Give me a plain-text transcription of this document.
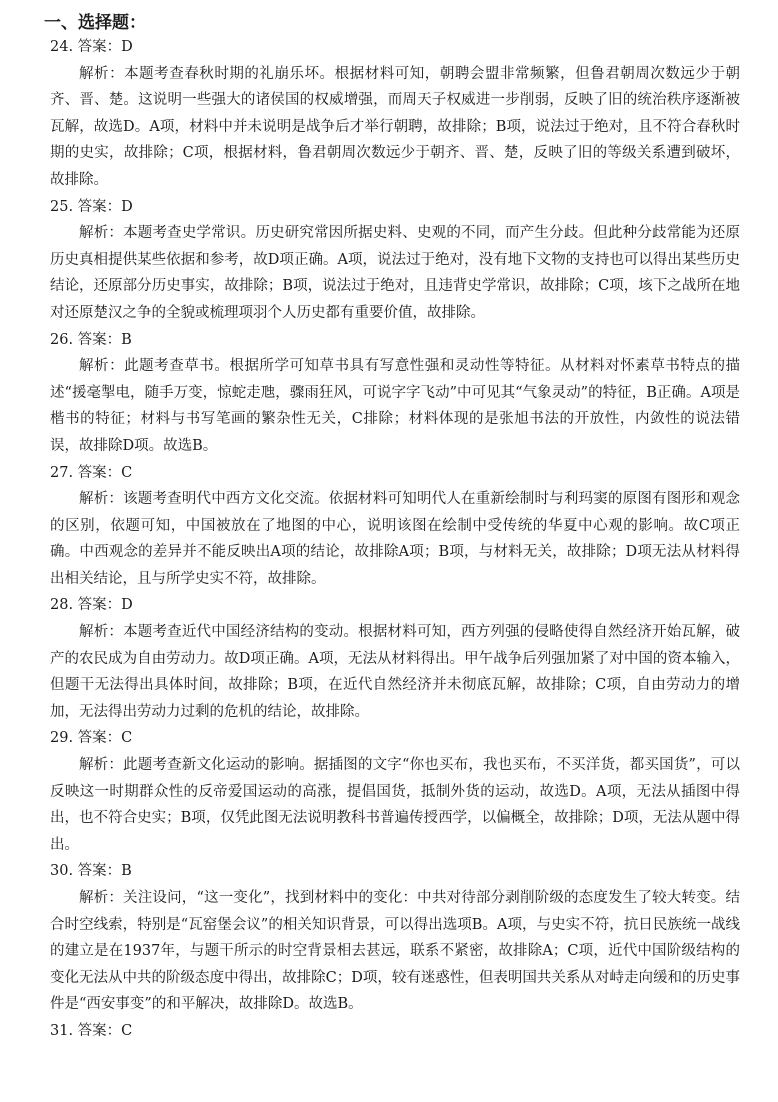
一、选择题：
24. 答案：D

解析：本题考查春秋时期的礼崩乐坏。根据材料可知，朝聘会盟非常频繁，但鲁君朝周次数远少于朝齐、晋、楚。这说明一些强大的诸侯国的权威增强，而周天子权威进一步削弱，反映了旧的统治秩序逐渐被瓦解，故选D。A项，材料中并未说明是战争后才举行朝聘，故排除；B项，说法过于绝对，且不符合春秋时期的史实，故排除；C项，根据材料，鲁君朝周次数远少于朝齐、晋、楚，反映了旧的等级关系遭到破坏，故排除。

25. 答案：D

解析：本题考查史学常识。历史研究常因所据史料、史观的不同，而产生分歧。但此种分歧常能为还原历史真相提供某些依据和参考，故D项正确。A项，说法过于绝对，没有地下文物的支持也可以得出某些历史结论，还原部分历史事实，故排除；B项，说法过于绝对，且违背史学常识，故排除；C项，垓下之战所在地对还原楚汉之争的全貌或梳理项羽个人历史都有重要价值，故排除。

26. 答案：B

解析：此题考查草书。根据所学可知草书具有写意性强和灵动性等特征。从材料对怀素草书特点的描述“援毫掣电，随手万变，惊蛇走虺，骤雨狂风，可说字字飞动”中可见其“气象灵动”的特征，B正确。A项是楷书的特征；材料与书写笔画的繁杂性无关，C排除；材料体现的是张旭书法的开放性，内敛性的说法错误，故排除D项。故选B。

27. 答案：C

解析：该题考查明代中西方文化交流。依据材料可知明代人在重新绘制时与利玛窦的原图有图形和观念的区别，依题可知，中国被放在了地图的中心，说明该图在绘制中受传统的华夏中心观的影响。故C项正确。中西观念的差异并不能反映出A项的结论，故排除A项；B项，与材料无关，故排除；D项无法从材料得出相关结论，且与所学史实不符，故排除。

28. 答案：D

解析：本题考查近代中国经济结构的变动。根据材料可知，西方列强的侵略使得自然经济开始瓦解，破产的农民成为自由劳动力。故D项正确。A项，无法从材料得出。甲午战争后列强加紧了对中国的资本输入，但题干无法得出具体时间，故排除；B项，在近代自然经济并未彻底瓦解，故排除；C项，自由劳动力的增加，无法得出劳动力过剩的危机的结论，故排除。

29. 答案：C

解析：此题考查新文化运动的影响。据插图的文字“你也买布，我也买布，不买洋货，都买国货”，可以反映这一时期群众性的反帝爱国运动的高涨，提倡国货，抵制外货的运动，故选D。A项，无法从插图中得出，也不符合史实；B项，仅凭此图无法说明教科书普遍传授西学，以偏概全，故排除；D项，无法从题中得出。

30. 答案：B

解析：关注设问，“这一变化”，找到材料中的变化：中共对待部分剥削阶级的态度发生了较大转变。结合时空线索，特别是“瓦窑堡会议”的相关知识背景，可以得出选项B。A项，与史实不符，抗日民族统一战线的建立是在1937年，与题干所示的时空背景相去甚远，联系不紧密，故排除A；C项，近代中国阶级结构的变化无法从中共的阶级态度中得出，故排除C；D项，较有迷惑性，但表明国共关系从对峙走向缓和的历史事件是“西安事变”的和平解决，故排除D。故选B。

31. 答案：C
